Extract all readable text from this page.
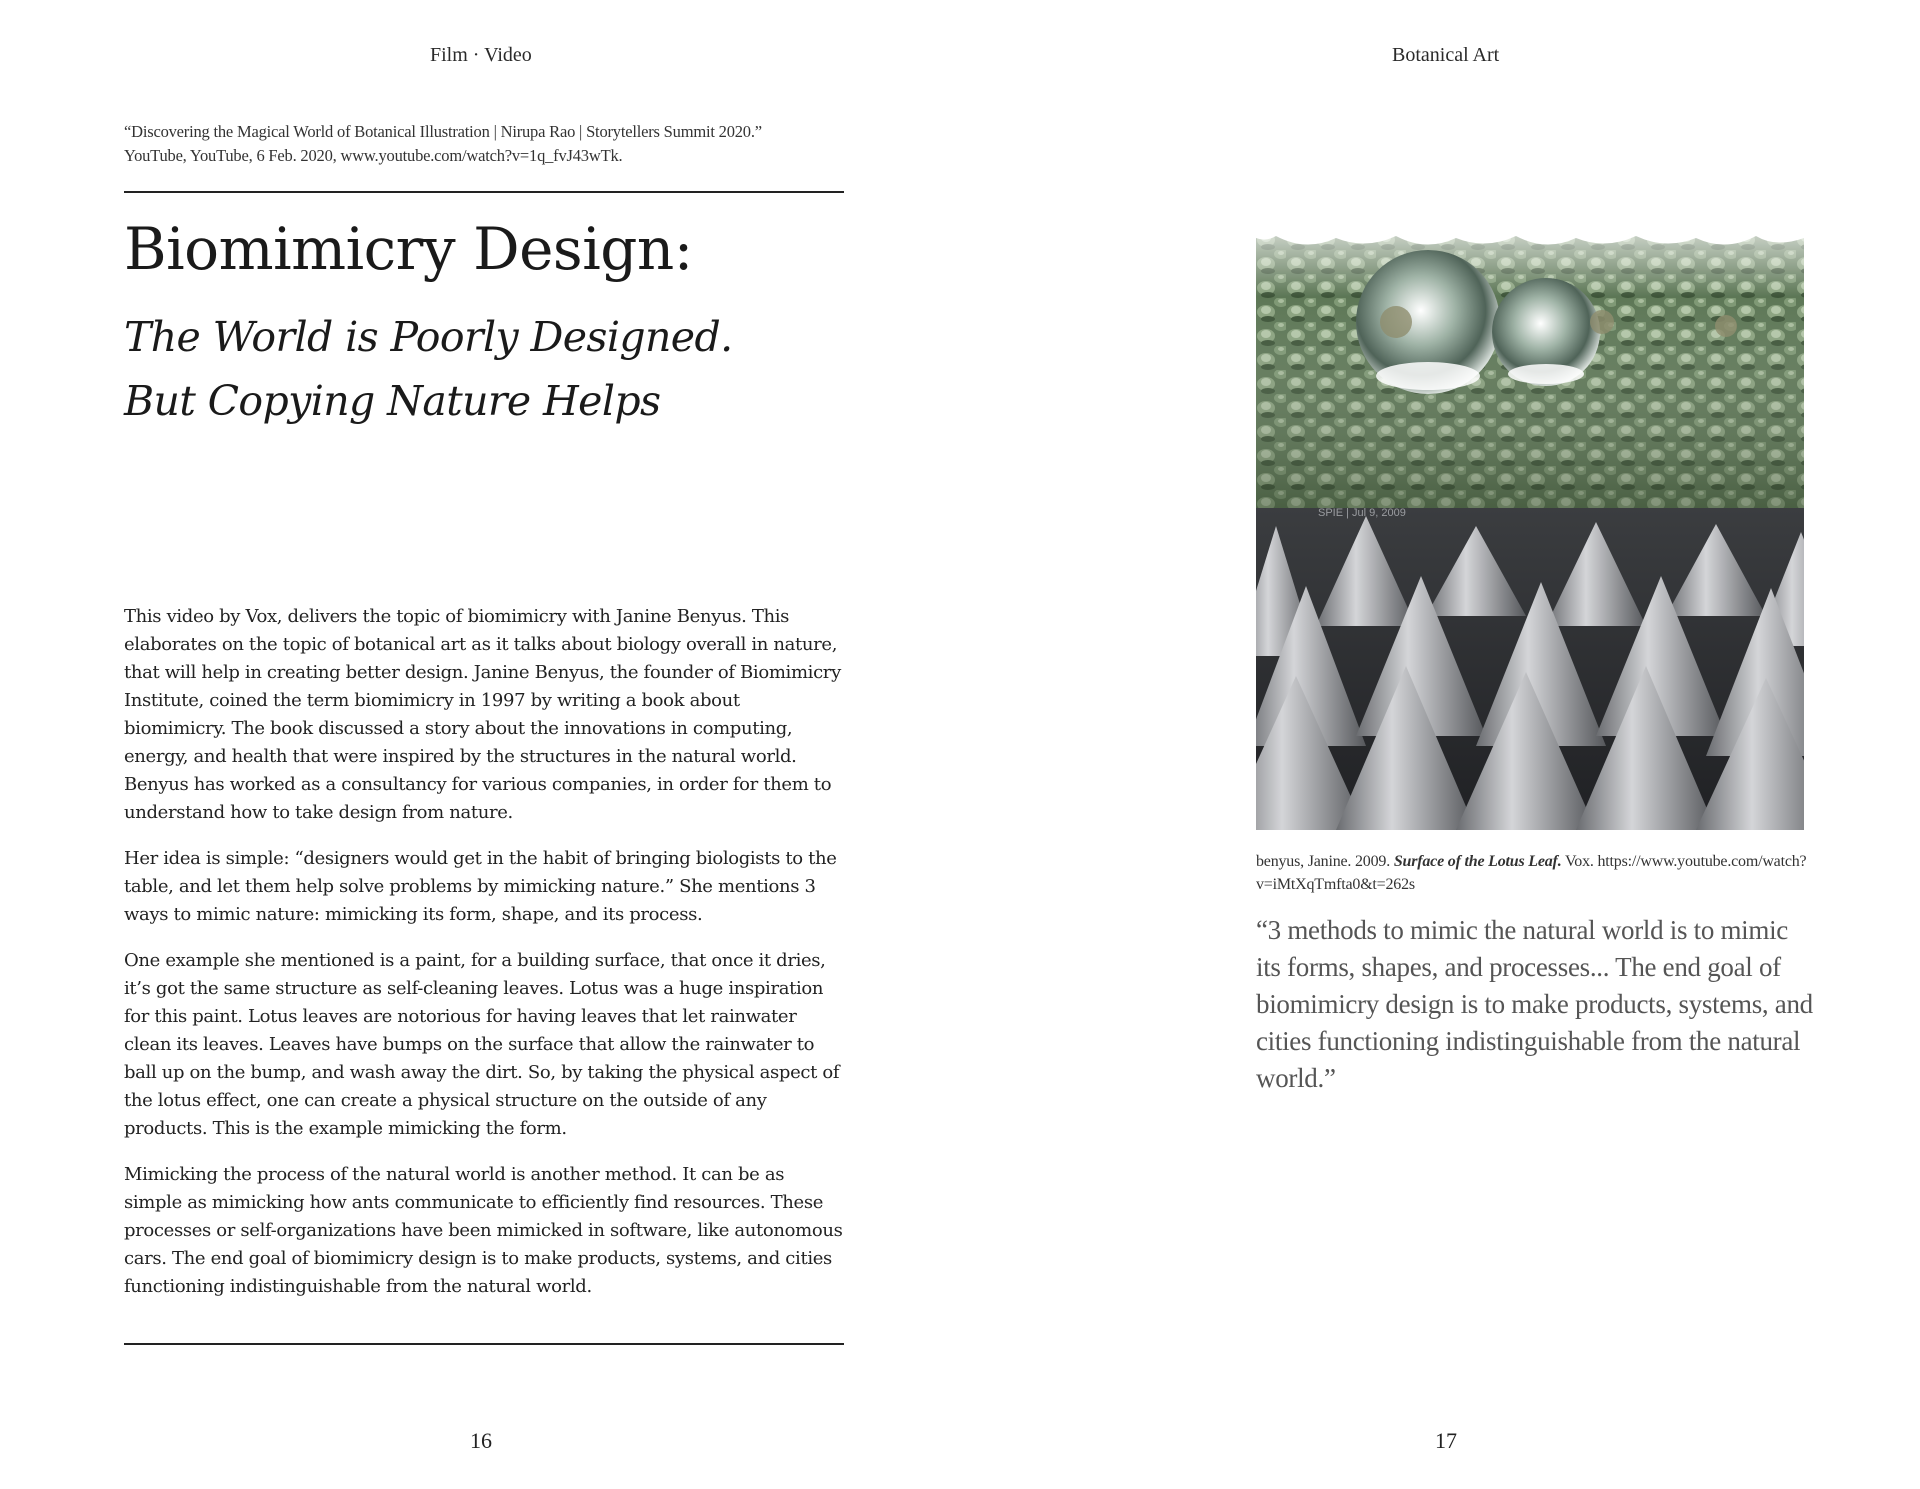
Film · Video
“Discovering the Magical World of Botanical Illustration | Nirupa Rao | Storytellers Summit 2020.”
YouTube, YouTube, 6 Feb. 2020, www.youtube.com/watch?v=1q_fvJ43wTk.
Biomimicry Design:
The World is Poorly Designed.
But Copying Nature Helps

This video by Vox, delivers the topic of biomimicry with Janine Benyus. This elaborates on the topic of botanical art as it talks about biology overall in nature, that will help in creating better design. Janine Benyus, the founder of Biomimicry Institute, coined the term biomimicry in 1997 by writing a book about biomimicry. The book discussed a story about the innovations in computing, energy, and health that were inspired by the structures in the natural world. Benyus has worked as a consultancy for various companies, in order for them to understand how to take design from nature.

Her idea is simple: “designers would get in the habit of bringing biologists to the table, and let them help solve problems by mimicking nature.” She mentions 3 ways to mimic nature: mimicking its form, shape, and its process.

One example she mentioned is a paint, for a building surface, that once it dries, it’s got the same structure as self-cleaning leaves. Lotus was a huge inspiration for this paint. Lotus leaves are notorious for having leaves that let rainwater clean its leaves. Leaves have bumps on the surface that allow the rainwater to ball up on the bump, and wash away the dirt. So, by taking the physical aspect of the lotus effect, one can create a physical structure on the outside of any products. This is the example mimicking the form.

Mimicking the process of the natural world is another method. It can be as simple as mimicking how ants communicate to efficiently find resources. These processes or self-organizations have been mimicked in software, like autonomous cars. The end goal of biomimicry design is to make products, systems, and cities functioning indistinguishable from the natural world.

16
Botanical Art
SPIE | Jul 9, 2009
benyus, Janine. 2009. Surface of the Lotus Leaf. Vox. https://www.youtube.com/watch?v=iMtXqTmfta0&t=262s
“3 methods to mimic the natural world is to mimic its forms, shapes, and processes... The end goal of biomimicry design is to make products, systems, and cities functioning indistinguishable from the natural world.”
17
